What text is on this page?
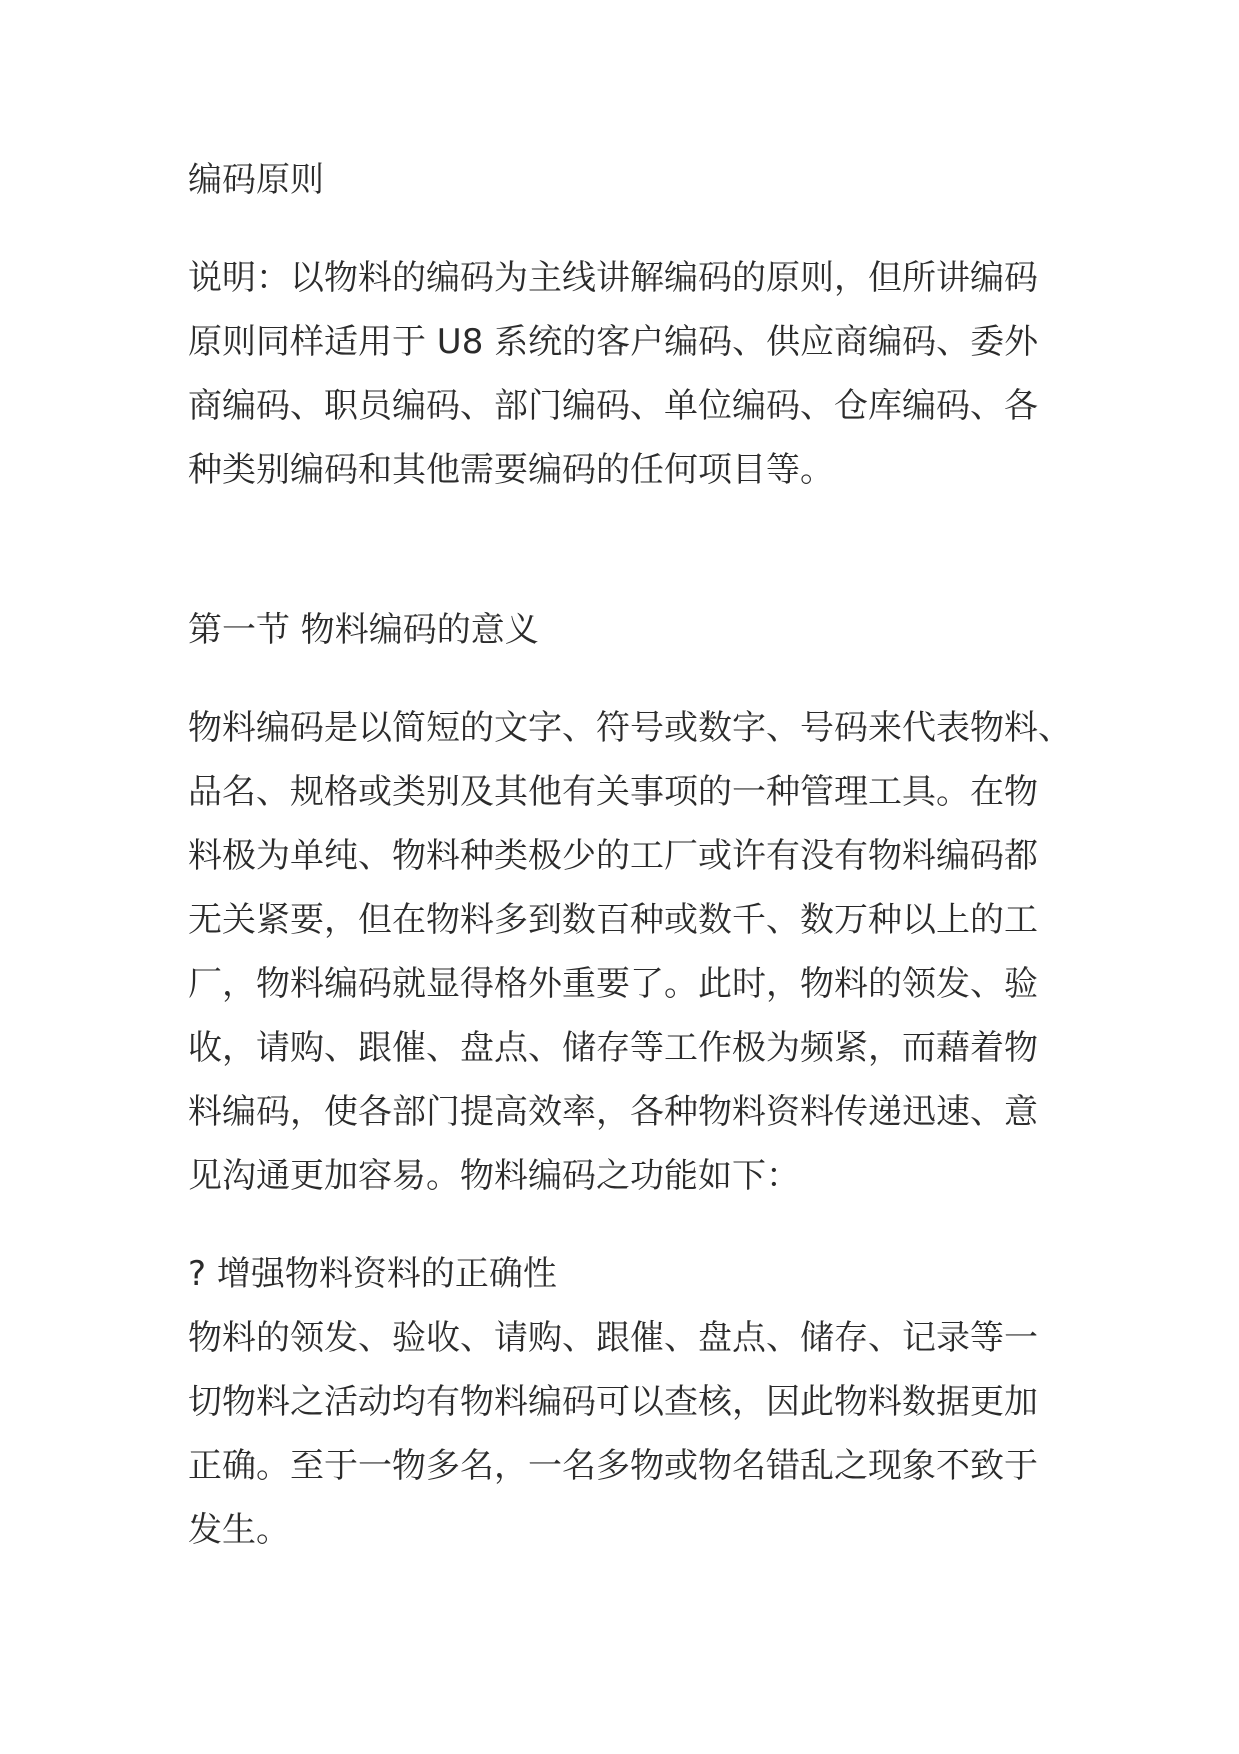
编码原则
说明：以物料的编码为主线讲解编码的原则，但所讲编码
原则同样适用于 U8 系统的客户编码、供应商编码、委外
商编码、职员编码、部门编码、单位编码、仓库编码、各
种类别编码和其他需要编码的任何项目等。
第一节 物料编码的意义
物料编码是以简短的文字、符号或数字、号码来代表物料、
品名、规格或类别及其他有关事项的一种管理工具。在物
料极为单纯、物料种类极少的工厂或许有没有物料编码都
无关紧要，但在物料多到数百种或数千、数万种以上的工
厂，物料编码就显得格外重要了。此时，物料的领发、验
收，请购、跟催、盘点、储存等工作极为频紧，而藉着物
料编码，使各部门提高效率，各种物料资料传递迅速、意
见沟通更加容易。物料编码之功能如下：
? 增强物料资料的正确性
物料的领发、验收、请购、跟催、盘点、储存、记录等一
切物料之活动均有物料编码可以查核，因此物料数据更加
正确。至于一物多名，一名多物或物名错乱之现象不致于
发生。
